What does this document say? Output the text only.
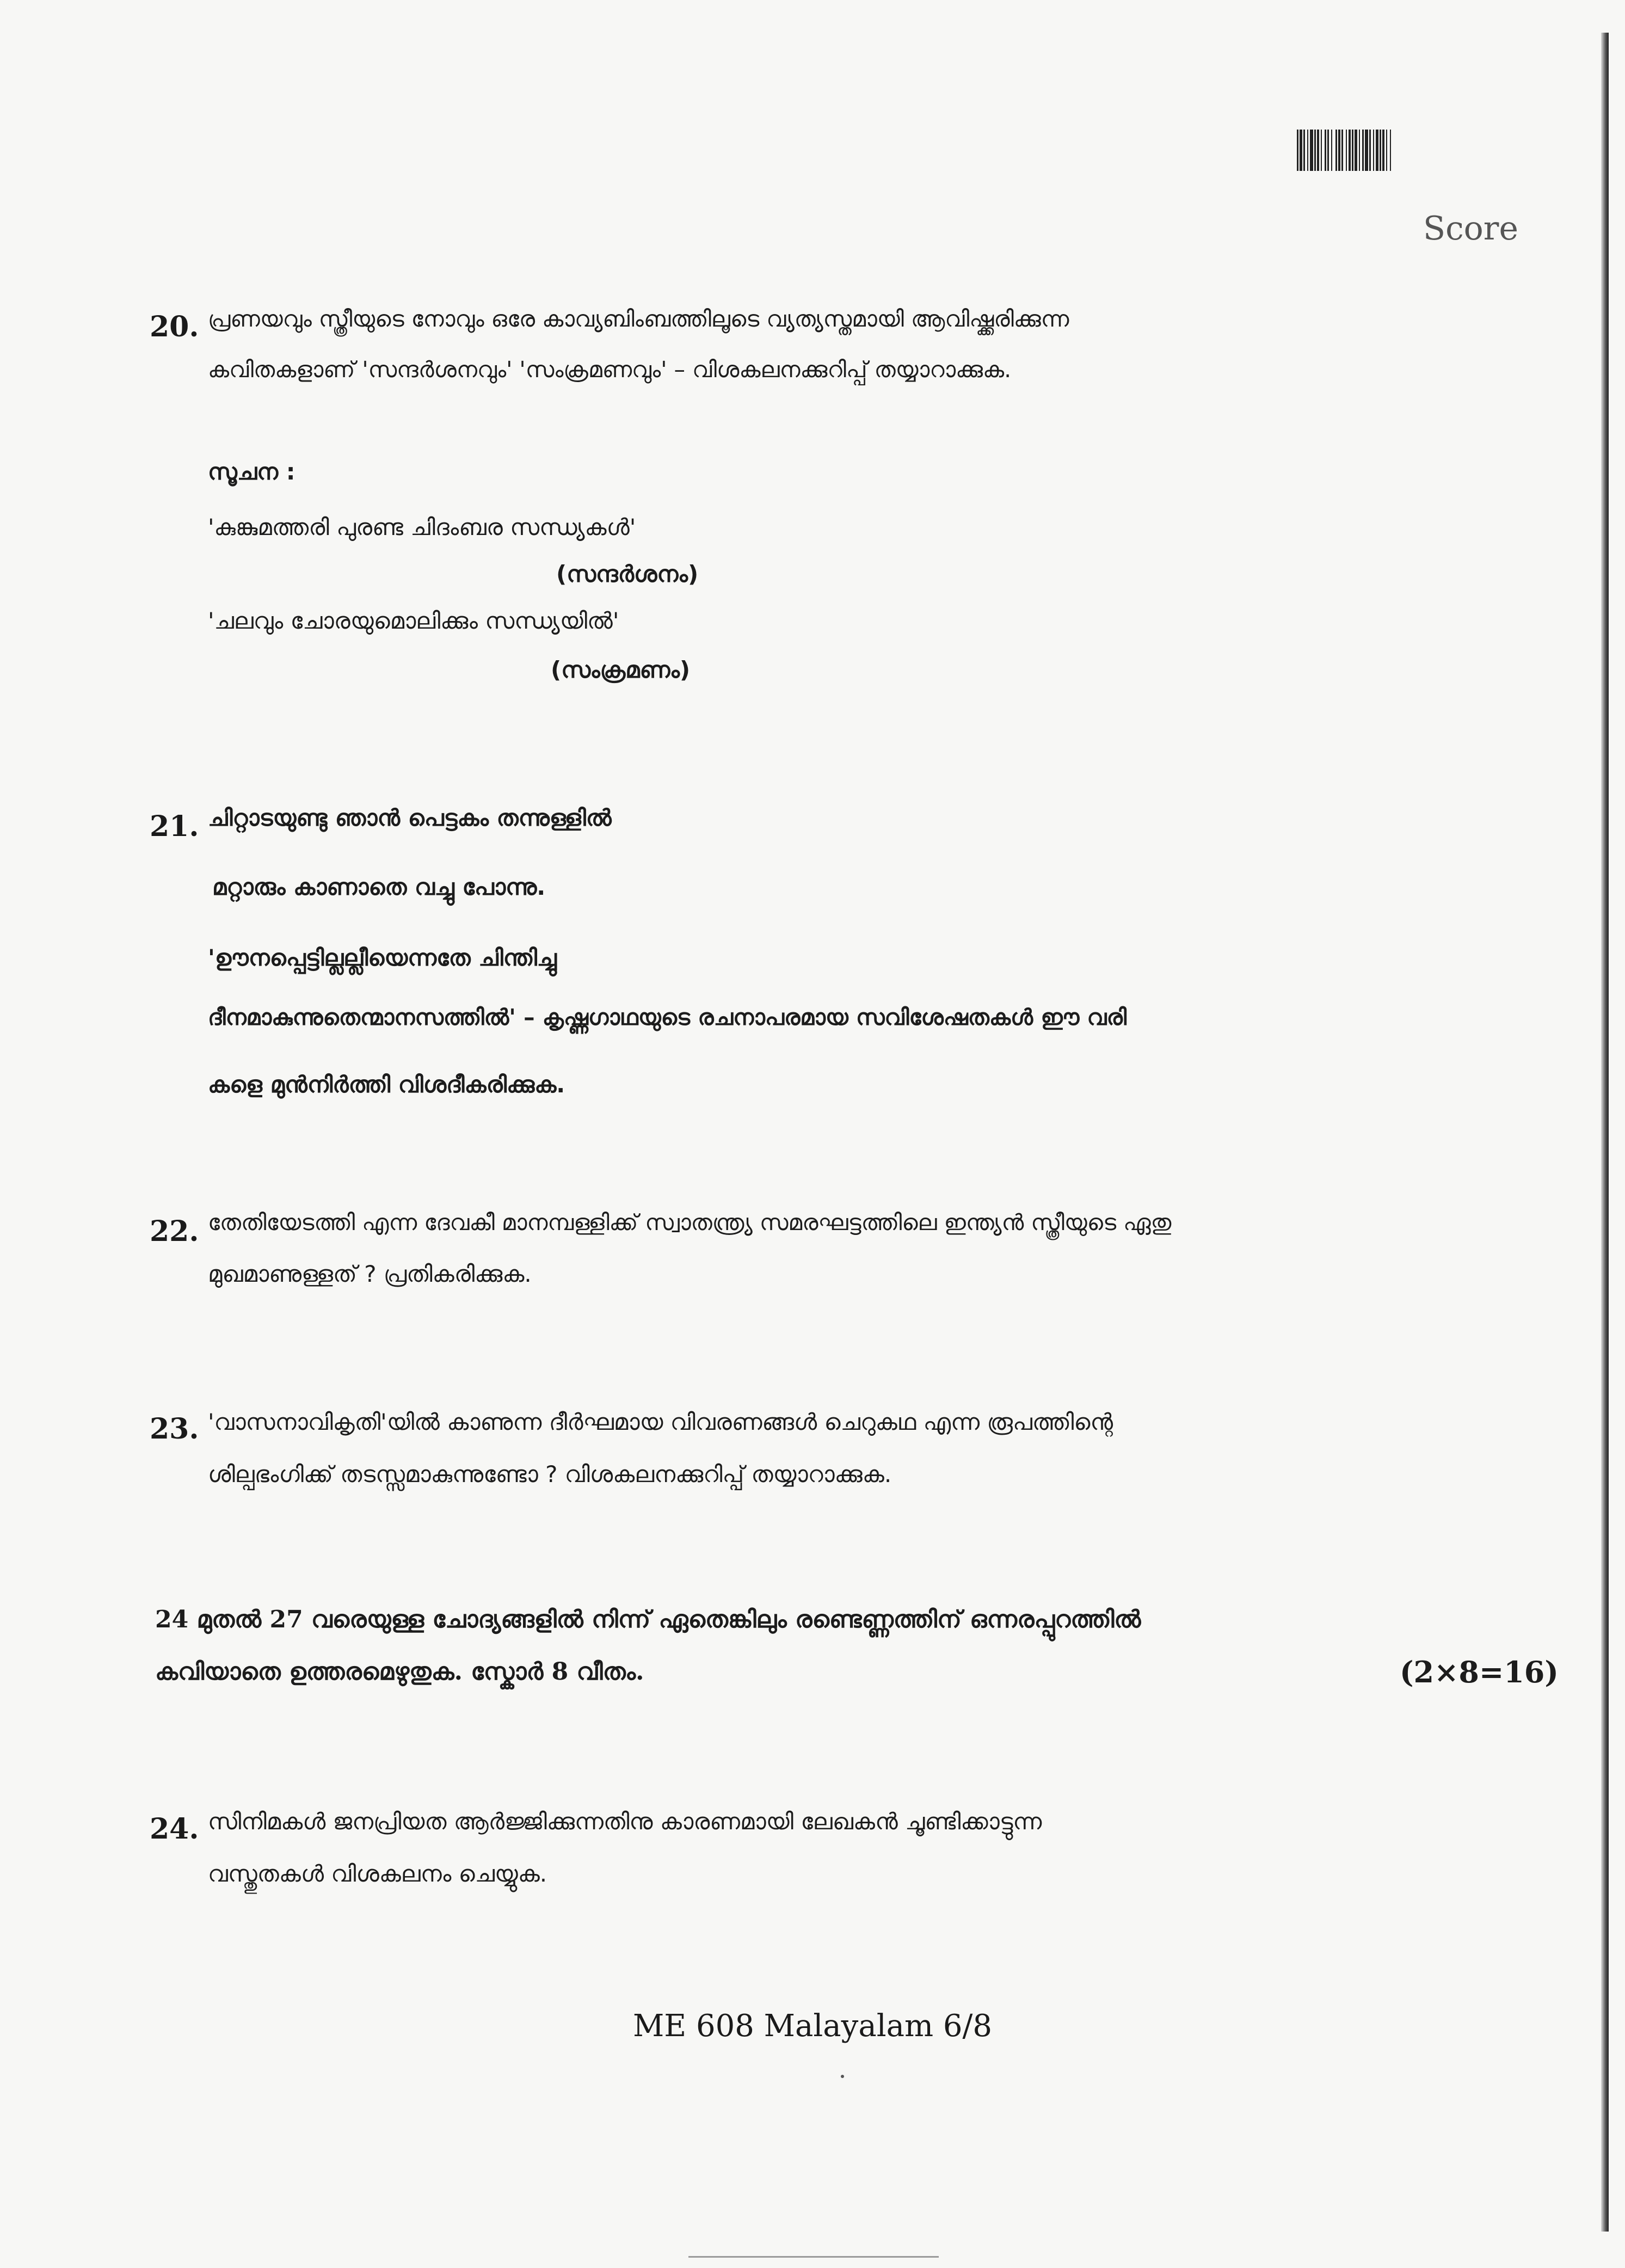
Score
20. പ്രണയവും സ്ത്രീയുടെ നോവും ഒരേ കാവ്യബിംബത്തിലൂടെ വ്യത്യസ്തമായി ആവിഷ്ക്കരിക്കുന്ന
കവിതകളാണ് 'സന്ദർശനവും' 'സംക്രമണവും' – വിശകലനക്കുറിപ്പ് തയ്യാറാക്കുക.
സൂചന :
'കുങ്കുമത്തരി പുരണ്ട ചിദംബര സന്ധ്യകൾ'
(സന്ദർശനം)
'ചലവും ചോരയുമൊലിക്കും സന്ധ്യയിൽ'
(സംക്രമണം)
21. ചിറ്റാടയുണ്ടു ഞാൻ പെട്ടകം തന്നുള്ളിൽ
മറ്റാരും കാണാതെ വച്ചു പോന്നു.
'ഊനപ്പെട്ടില്ലല്ലീയെന്നതേ ചിന്തിച്ചു
ദീനമാകുന്നുതെന്മാനസത്തിൽ' – കൃഷ്ണഗാഥയുടെ രചനാപരമായ സവിശേഷതകൾ ഈ വരി
കളെ മുൻനിർത്തി വിശദീകരിക്കുക.
22. തേതിയേടത്തി എന്ന ദേവകീ മാനമ്പള്ളിക്ക് സ്വാതന്ത്ര്യ സമരഘട്ടത്തിലെ ഇന്ത്യൻ സ്ത്രീയുടെ ഏതു
മുഖമാണുള്ളത് ? പ്രതികരിക്കുക.
23. 'വാസനാവികൃതി'യിൽ കാണുന്ന ദീർഘമായ വിവരണങ്ങൾ ചെറുകഥ എന്ന രൂപത്തിന്റെ
ശില്പഭംഗിക്ക് തടസ്സമാകുന്നുണ്ടോ ? വിശകലനക്കുറിപ്പ് തയ്യാറാക്കുക.
24 മുതൽ 27 വരെയുള്ള ചോദ്യങ്ങളിൽ നിന്ന് ഏതെങ്കിലും രണ്ടെണ്ണത്തിന് ഒന്നരപ്പുറത്തിൽ
കവിയാതെ ഉത്തരമെഴുതുക. സ്കോർ 8 വീതം.	(2×8=16)
24. സിനിമകൾ ജനപ്രിയത ആർജ്ജിക്കുന്നതിനു കാരണമായി ലേഖകൻ ചൂണ്ടിക്കാട്ടുന്ന
വസ്തുതകൾ വിശകലനം ചെയ്യുക.
ME 608 Malayalam 6/8
